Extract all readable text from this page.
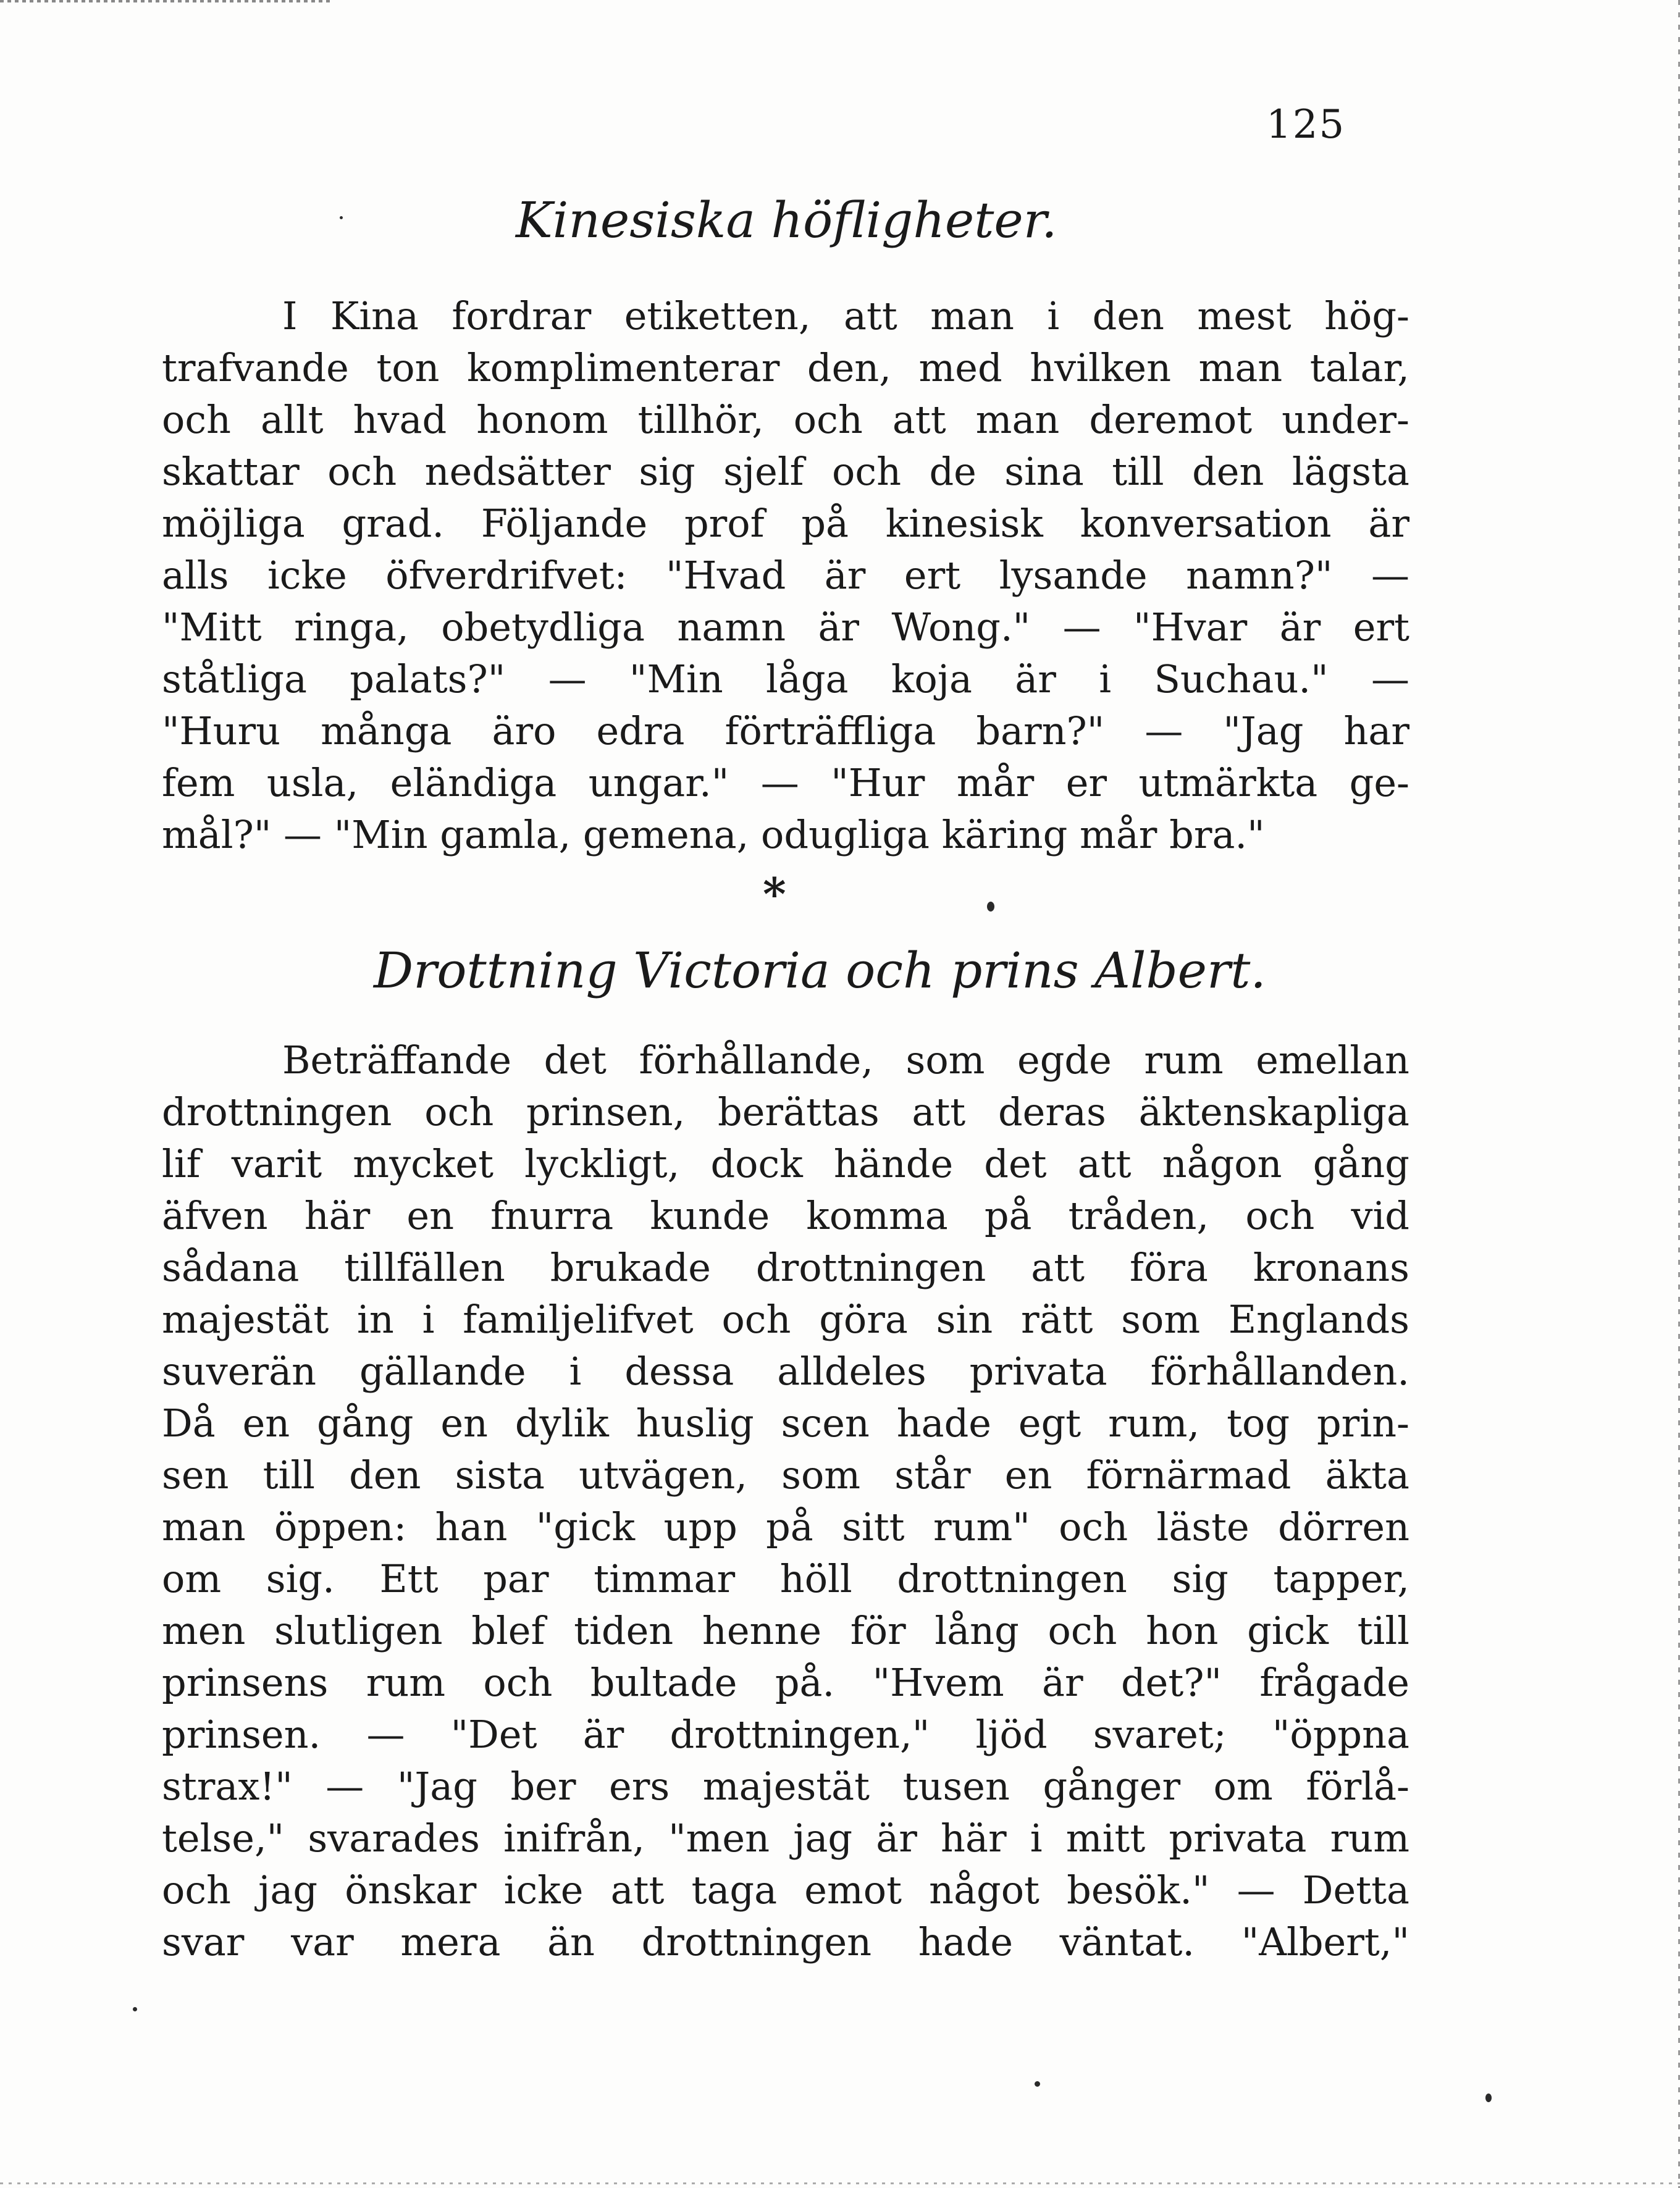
125
Kinesiska höfligheter.
I Kina fordrar etiketten, att man i den mest hög-
trafvande ton komplimenterar den, med hvilken man talar,
och allt hvad honom tillhör, och att man deremot under-
skattar och nedsätter sig sjelf och de sina till den lägsta
möjliga grad. Följande prof på kinesisk konversation är
alls icke öfverdrifvet: "Hvad är ert lysande namn?" —
"Mitt ringa, obetydliga namn är Wong." — "Hvar är ert
ståtliga palats?" — "Min låga koja är i Suchau." —
"Huru många äro edra förträffliga barn?" — "Jag har
fem usla, eländiga ungar." — "Hur mår er utmärkta ge-
mål?" — "Min gamla, gemena, odugliga käring mår bra."
*
Drottning Victoria och prins Albert.
Beträffande det förhållande, som egde rum emellan
drottningen och prinsen, berättas att deras äktenskapliga
lif varit mycket lyckligt, dock hände det att någon gång
äfven här en fnurra kunde komma på tråden, och vid
sådana tillfällen brukade drottningen att föra kronans
majestät in i familjelifvet och göra sin rätt som Englands
suverän gällande i dessa alldeles privata förhållanden.
Då en gång en dylik huslig scen hade egt rum, tog prin-
sen till den sista utvägen, som står en förnärmad äkta
man öppen: han "gick upp på sitt rum" och läste dörren
om sig. Ett par timmar höll drottningen sig tapper,
men slutligen blef tiden henne för lång och hon gick till
prinsens rum och bultade på. "Hvem är det?" frågade
prinsen. — "Det är drottningen," ljöd svaret; "öppna
strax!" — "Jag ber ers majestät tusen gånger om förlå-
telse," svarades inifrån, "men jag är här i mitt privata rum
och jag önskar icke att taga emot något besök." — Detta
svar var mera än drottningen hade väntat. "Albert,"
